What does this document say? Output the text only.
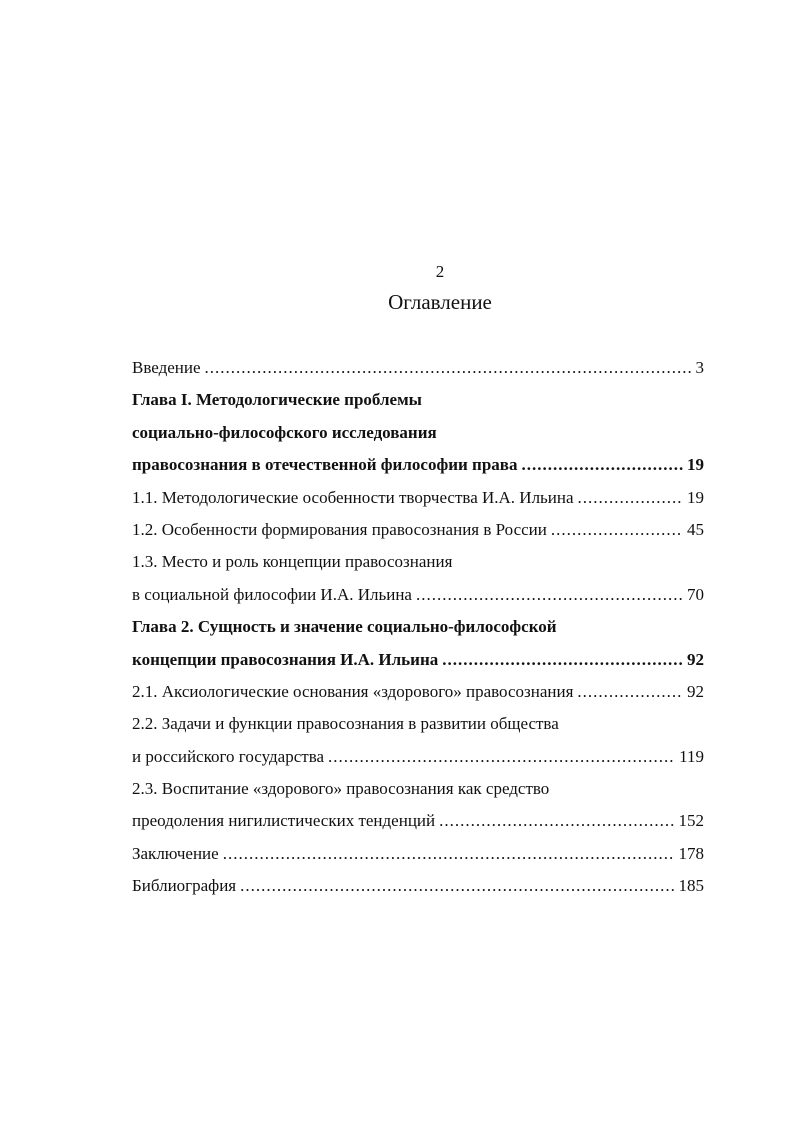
2
Оглавление
Введение .....	3
Глава I. Методологические проблемы
социально-философского исследования
правосознания в отечественной философии права .....	19
1.1. Методологические особенности творчества И.А. Ильина .....	19
1.2. Особенности формирования правосознания в России .....	45
1.3. Место и роль концепции правосознания
в социальной философии И.А. Ильина .....	70
Глава 2. Сущность и значение социально-философской
концепции правосознания И.А. Ильина .....	92
2.1. Аксиологические основания «здорового» правосознания .....	92
2.2. Задачи и функции правосознания в развитии общества
и российского государства .....	119
2.3. Воспитание «здорового» правосознания как средство
преодоления нигилистических тенденций .....	152
Заключение .....	178
Библиография .....	185
